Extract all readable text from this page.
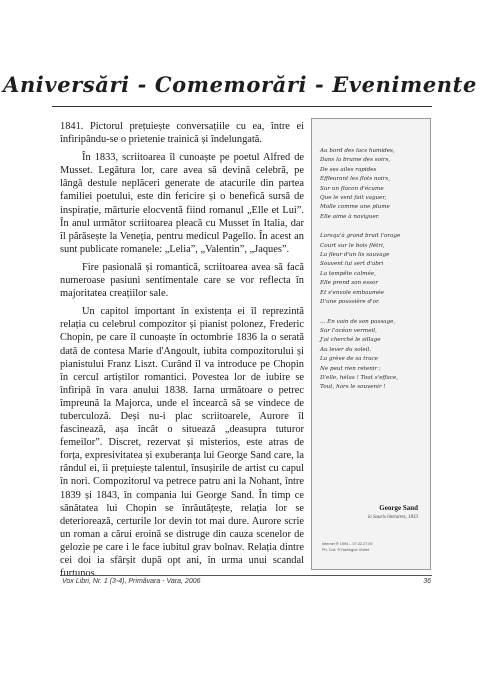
Aniversări - Comemorări - Evenimente

1841. Pictorul prețuiește conversațiile cu ea, între ei înfiripându-se o prietenie trainică și îndelungată.

În 1833, scriitoarea îl cunoaște pe poetul Alfred de Musset. Legătura lor, care avea să devină celebră, pe lângă destule neplăceri generate de atacurile din partea familiei poetului, este din fericire și o benefică sursă de inspirație, mărturie elocventă fiind romanul „Elle et Lui”. În anul următor scriitoarea pleacă cu Musset în Italia, dar îl părăsește la Veneția, pentru medicul Pagello. În acest an sunt publicate romanele: „Lelia”, „Valentin”, „Jaques”.

Fire pasională și romantică, scriitoarea avea să facă numeroase pasiuni sentimentale care se vor reflecta în majoritatea creațiilor sale.

Un capitol important în existența ei îl reprezintă relația cu celebrul compozitor și pianist polonez, Frederic Chopin, pe care îl cunoaște în octombrie 1836 la o serată dată de contesa Marie d'Angoult, iubita compozitorului și pianistului Franz Liszt. Curând îl va introduce pe Chopin în cercul artiștilor romantici. Povestea lor de iubire se înfiripă în vara anului 1838. Iarna următoare o petrec împreună la Majorca, unde el încearcă să se vindece de tuberculoză. Deși nu-i plac scriitoarele, Aurore îl fascinează, așa încât o situează „deasupra tuturor femeilor”. Discret, rezervat și misterios, este atras de forța, expresivitatea și exuberanța lui George Sand care, la rândul ei, îi prețuiește talentul, însușirile de artist cu capul în nori. Compozitorul va petrece patru ani la Nohant, între 1839 și 1843, în compania lui George Sand. În timp ce sănătatea lui Chopin se înrăutățește, relația lor se deteriorează, certurile lor devin tot mai dure. Aurore scrie un roman a cărui eroină se distruge din cauza scenelor de gelozie pe care i le face iubitul grav bolnav. Relația dintre cei doi ia sfârșit după opt ani, în urma unui scandal furtunos.

Au bord des lacs humides,
Dans la brume des soirs,
De ses ailes rapides
Effleurant les flots noirs,
Sur un flocon d'écume
Que le vent fait vaguer,
Molle comme une plume
Elle aime à naviguer.
Lorsqu'à grand bruit l'orage
Court sur le bois flétri,
La fleur d'un lis sauvage
Souvent lui sert d'abri
La tempête calmée,
Elle prend son essor
Et s'envole embaumée
D'une poussière d'or.
... En vain de son passage,
Sur l'océan vermeil,
J'ai cherché le sillage
Au lever du soleil.
La grève de sa trace
Ne peut rien retenir :
D'elle, hélas ! Tout s'efface,
Tout, hors le souvenir !
George Sand
în Souris lintraires, 1833
Internet ® 1994 – 07.22.27.09
Ph. Coll. ® Harlingue-Viollet
Vox Libri, Nr. 1 (3-4), Primăvara - Vara, 2006	36
